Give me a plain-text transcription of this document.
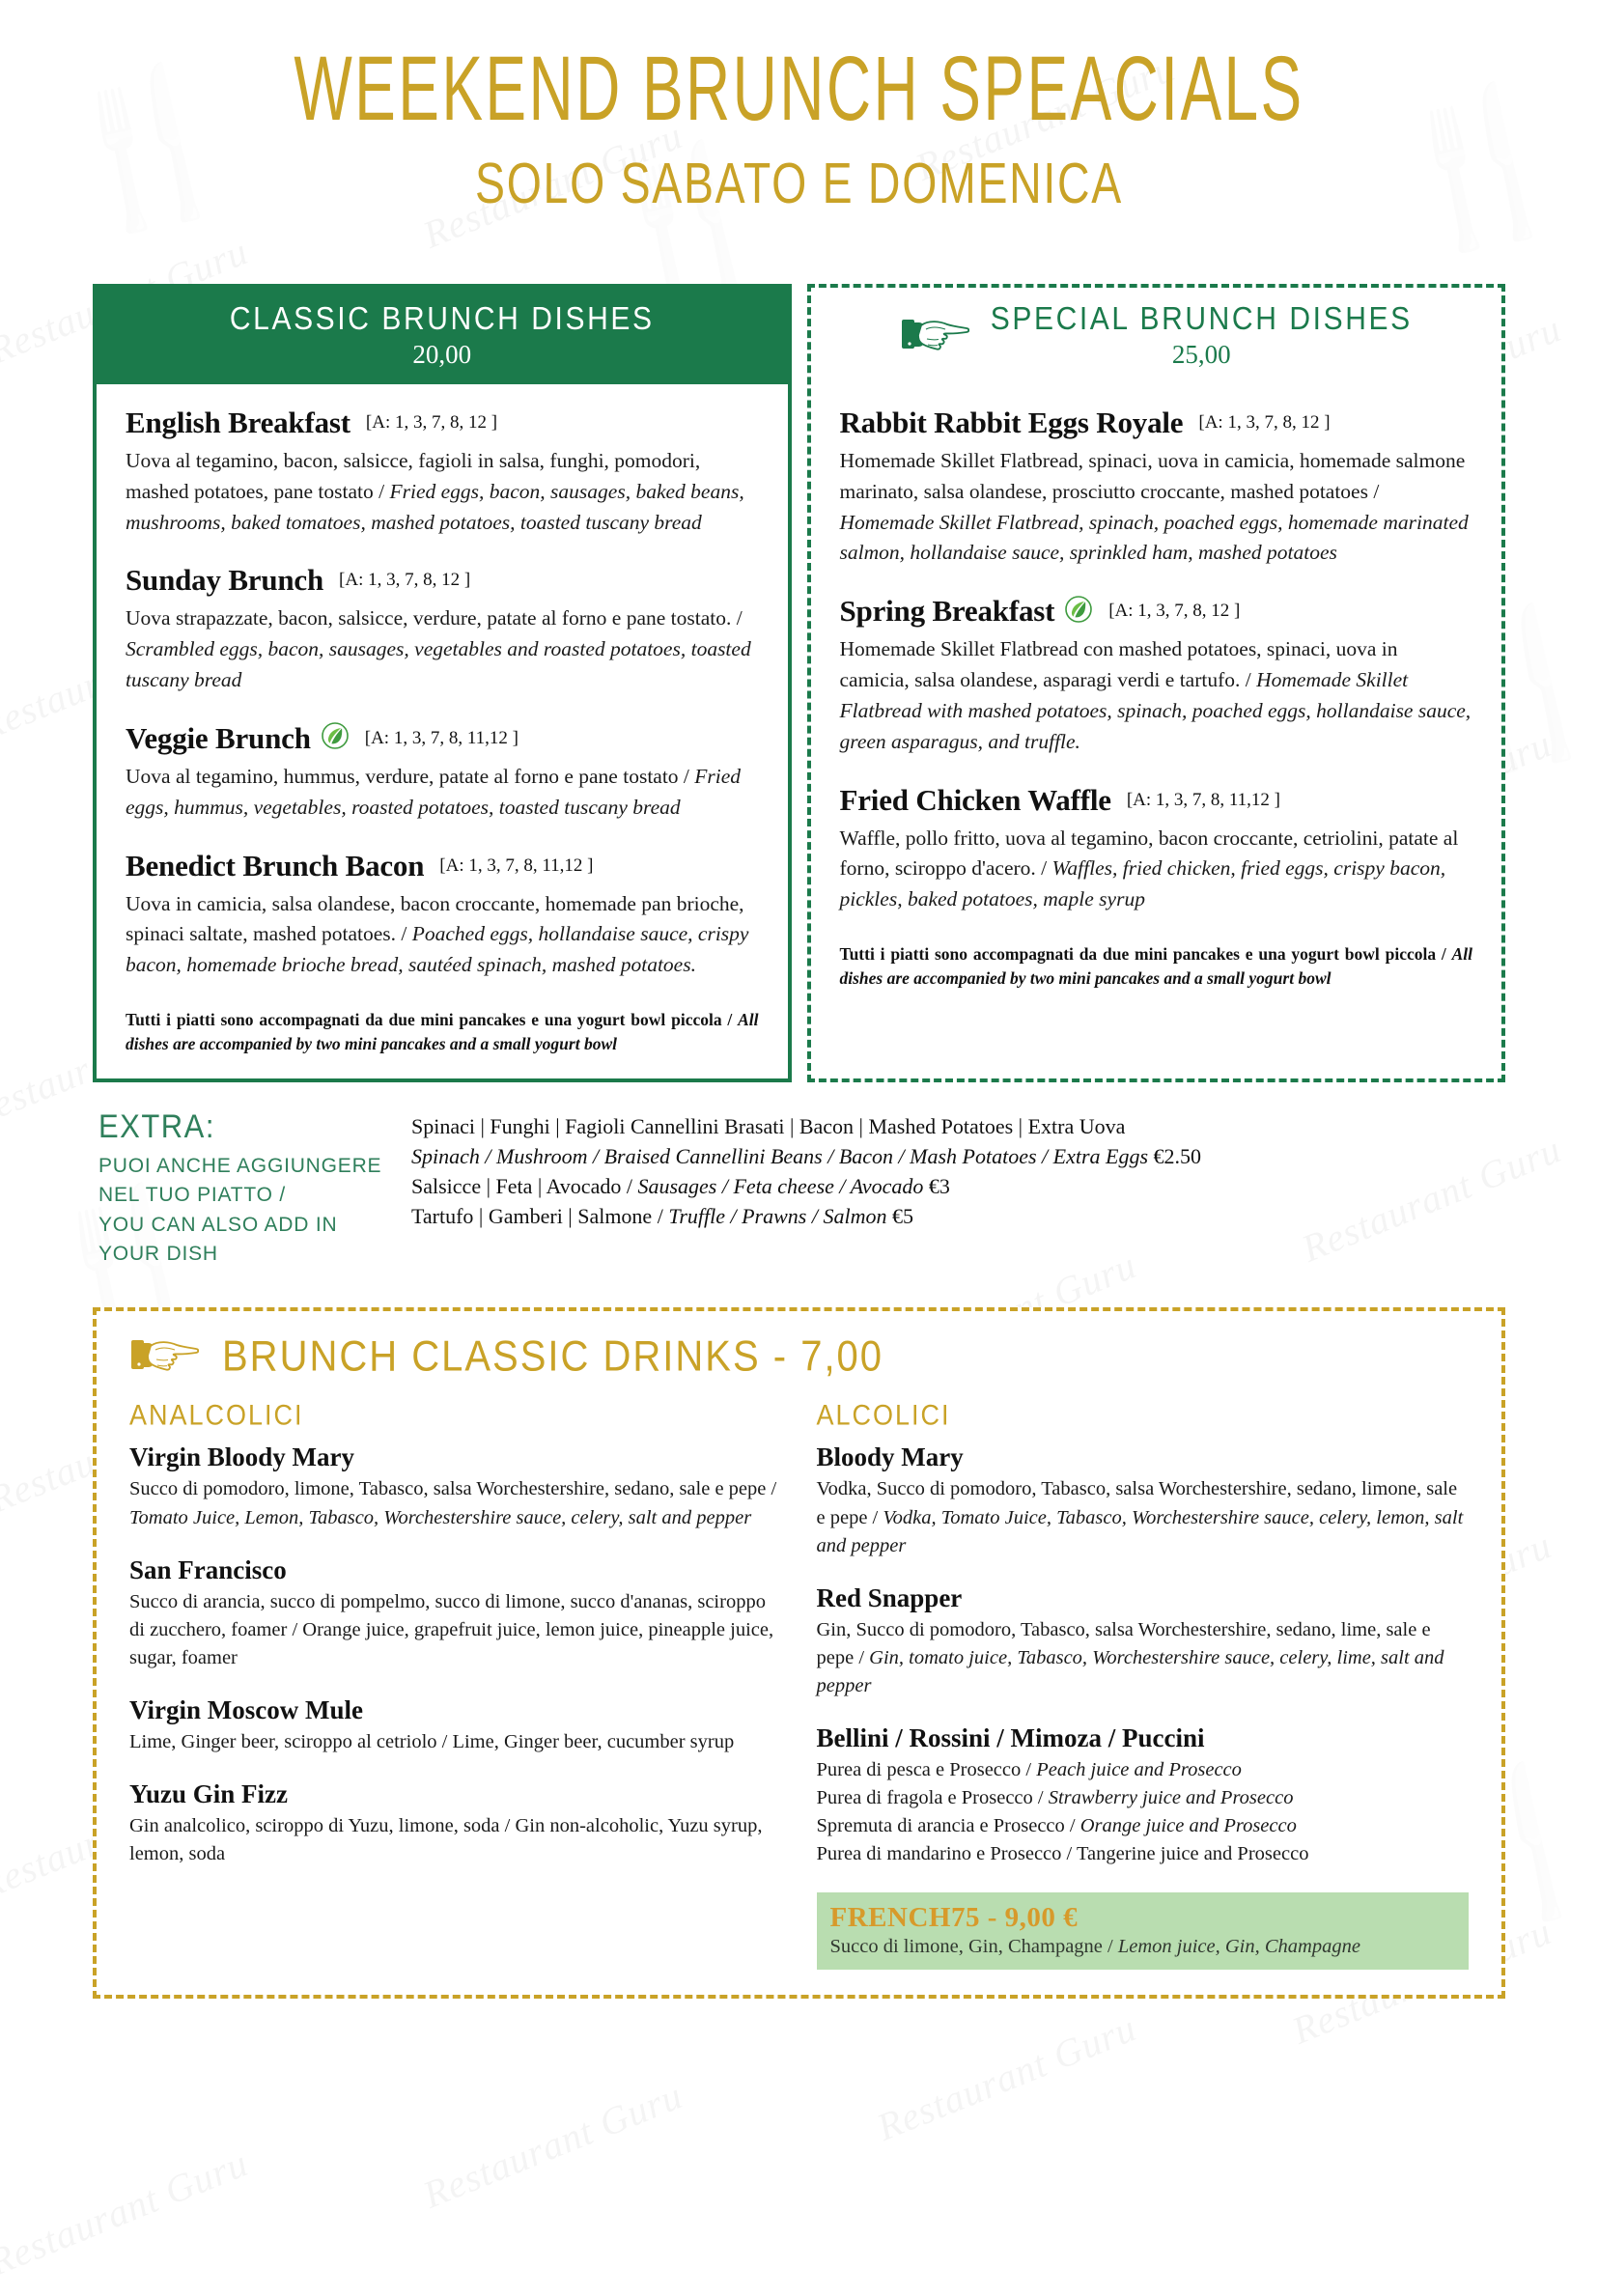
WEEKEND BRUNCH SPEACIALS
SOLO SABATO E DOMENICA
CLASSIC BRUNCH DISHES
20,00
English Breakfast [A: 1, 3, 7, 8, 12 ]
Uova al tegamino, bacon, salsicce, fagioli in salsa, funghi, pomodori, mashed potatoes, pane tostato / Fried eggs, bacon, sausages, baked beans, mushrooms, baked tomatoes, mashed potatoes, toasted tuscany bread
Sunday Brunch [A: 1, 3, 7, 8, 12 ]
Uova strapazzate, bacon, salsicce, verdure, patate al forno e pane tostato. / Scrambled eggs, bacon, sausages, vegetables and roasted potatoes, toasted tuscany bread
Veggie Brunch	[A: 1, 3, 7, 8, 11,12 ]
Uova al tegamino, hummus, verdure, patate al forno e pane tostato / Fried eggs, hummus, vegetables, roasted potatoes, toasted tuscany bread
Benedict Brunch Bacon [A: 1, 3, 7, 8, 11,12 ]
Uova in camicia, salsa olandese, bacon croccante, homemade pan brioche, spinaci saltate, mashed potatoes. / Poached eggs, hollandaise sauce, crispy bacon, homemade brioche bread, sautéed spinach, mashed potatoes.
Tutti i piatti sono accompagnati da due mini pancakes e una yogurt bowl piccola / All dishes are accompanied by two mini pancakes and a small yogurt bowl
SPECIAL BRUNCH DISHES
25,00
Rabbit Rabbit Eggs Royale [A: 1, 3, 7, 8, 12 ]
Homemade Skillet Flatbread, spinaci, uova in camicia, homemade salmone marinato, salsa olandese, prosciutto croccante, mashed potatoes / Homemade Skillet Flatbread, spinach, poached eggs, homemade marinated salmon, hollandaise sauce, sprinkled ham, mashed potatoes
Spring Breakfast	[A: 1, 3, 7, 8, 12 ]
Homemade Skillet Flatbread con mashed potatoes, spinaci, uova in camicia, salsa olandese, asparagi verdi e tartufo. / Homemade Skillet Flatbread with mashed potatoes, spinach, poached eggs, hollandaise sauce, green asparagus, and truffle.
Fried Chicken Waffle [A: 1, 3, 7, 8, 11,12 ]
Waffle, pollo fritto, uova al tegamino, bacon croccante, cetriolini, patate al forno, sciroppo d'acero. / Waffles, fried chicken, fried eggs, crispy bacon, pickles, baked potatoes, maple syrup
Tutti i piatti sono accompagnati da due mini pancakes e una yogurt bowl piccola / All dishes are accompanied by two mini pancakes and a small yogurt bowl
EXTRA:
PUOI ANCHE AGGIUNGERE NEL TUO PIATTO /
YOU CAN ALSO ADD IN YOUR DISH
Spinaci | Funghi | Fagioli Cannellini Brasati | Bacon | Mashed Potatoes | Extra Uova
Spinach / Mushroom / Braised Cannellini Beans / Bacon / Mash Potatoes / Extra Eggs €2.50
Salsicce | Feta | Avocado / Sausages / Feta cheese / Avocado €3
Tartufo | Gamberi | Salmone / Truffle / Prawns / Salmon €5
BRUNCH CLASSIC DRINKS - 7,00
ANALCOLICI
Virgin Bloody Mary
Succo di pomodoro, limone, Tabasco, salsa Worchestershire, sedano, sale e pepe / Tomato Juice, Lemon, Tabasco, Worchestershire sauce, celery, salt and pepper
San Francisco
Succo di arancia, succo di pompelmo, succo di limone, succo d'ananas, sciroppo di zucchero, foamer / Orange juice, grapefruit juice, lemon juice, pineapple juice, sugar, foamer
Virgin Moscow Mule
Lime, Ginger beer, sciroppo al cetriolo / Lime, Ginger beer, cucumber syrup
Yuzu Gin Fizz
Gin analcolico, sciroppo di Yuzu, limone, soda / Gin non-alcoholic, Yuzu syrup, lemon, soda
ALCOLICI
Bloody Mary
Vodka, Succo di pomodoro, Tabasco, salsa Worchestershire, sedano, limone, sale e pepe / Vodka, Tomato Juice, Tabasco, Worchestershire sauce, celery, lemon, salt and pepper
Red Snapper
Gin, Succo di pomodoro, Tabasco, salsa Worchestershire, sedano, lime, sale e pepe / Gin, tomato juice, Tabasco, Worchestershire sauce, celery, lime, salt and pepper
Bellini / Rossini / Mimoza / Puccini
Purea di pesca e Prosecco / Peach juice and Prosecco
Purea di fragola e Prosecco / Strawberry juice and Prosecco
Spremuta di arancia e Prosecco / Orange juice and Prosecco
Purea di mandarino e Prosecco / Tangerine juice and Prosecco
FRENCH75 - 9,00 €
Succo di limone, Gin, Champagne / Lemon juice, Gin, Champagne
